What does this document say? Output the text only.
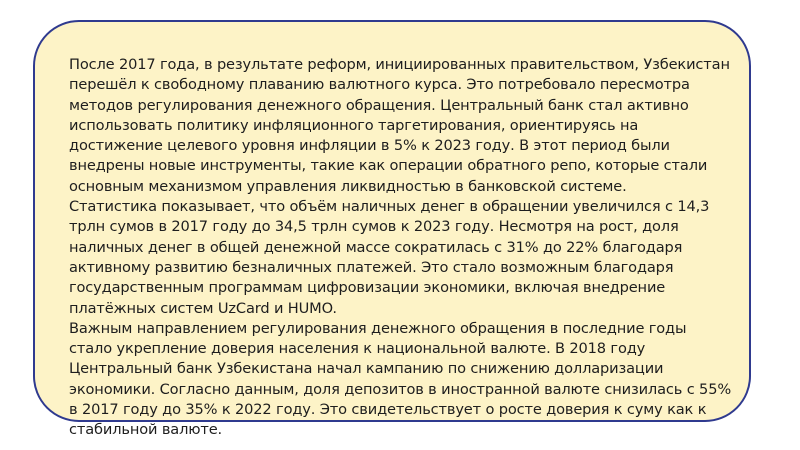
После 2017 года, в результате реформ, инициированных правительством, Узбекистан перешёл к свободному плаванию валютного курса. Это потребовало пересмотра методов регулирования денежного обращения. Центральный банк стал активно использовать политику инфляционного таргетирования, ориентируясь на достижение целевого уровня инфляции в 5% к 2023 году. В этот период были внедрены новые инструменты, такие как операции обратного репо, которые стали основным механизмом управления ликвидностью в банковской системе.

Статистика показывает, что объём наличных денег в обращении увеличился с 14,3 трлн сумов в 2017 году до 34,5 трлн сумов к 2023 году. Несмотря на рост, доля наличных денег в общей денежной массе сократилась с 31% до 22% благодаря активному развитию безналичных платежей. Это стало возможным благодаря государственным программам цифровизации экономики, включая внедрение платёжных систем UzCard и HUMO.

Важным направлением регулирования денежного обращения в последние годы стало укрепление доверия населения к национальной валюте. В 2018 году Центральный банк Узбекистана начал кампанию по снижению долларизации экономики. Согласно данным, доля депозитов в иностранной валюте снизилась с 55% в 2017 году до 35% к 2022 году. Это свидетельствует о росте доверия к суму как к стабильной валюте.
